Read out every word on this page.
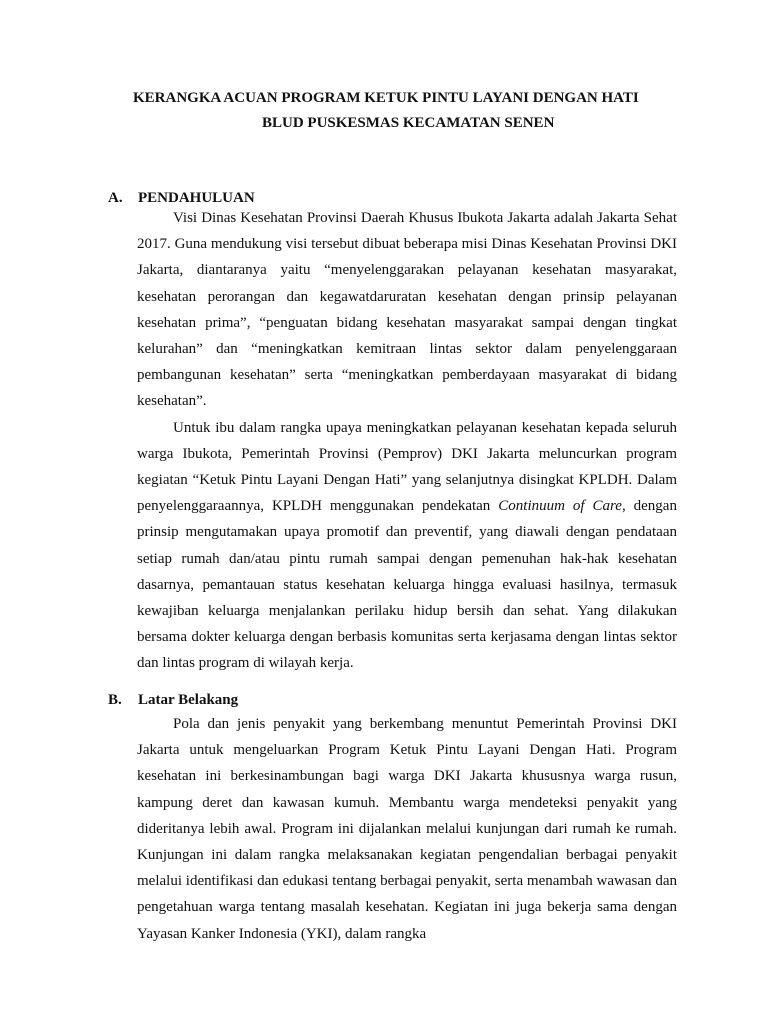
KERANGKA ACUAN PROGRAM KETUK PINTU LAYANI DENGAN HATI
BLUD PUSKESMAS KECAMATAN SENEN
A. PENDAHULUAN

Visi Dinas Kesehatan Provinsi Daerah Khusus Ibukota Jakarta adalah Jakarta Sehat 2017. Guna mendukung visi tersebut dibuat beberapa misi Dinas Kesehatan Provinsi DKI Jakarta, diantaranya yaitu “menyelenggarakan pelayanan kesehatan masyarakat, kesehatan perorangan dan kegawatdaruratan kesehatan dengan prinsip pelayanan kesehatan prima”, “penguatan bidang kesehatan masyarakat sampai dengan tingkat kelurahan” dan “meningkatkan kemitraan lintas sektor dalam penyelenggaraan pembangunan kesehatan” serta “meningkatkan pemberdayaan masyarakat di bidang kesehatan”.

Untuk ibu dalam rangka upaya meningkatkan pelayanan kesehatan kepada seluruh warga Ibukota, Pemerintah Provinsi (Pemprov) DKI Jakarta meluncurkan program kegiatan “Ketuk Pintu Layani Dengan Hati” yang selanjutnya disingkat KPLDH. Dalam penyelenggaraannya, KPLDH menggunakan pendekatan Continuum of Care, dengan prinsip mengutamakan upaya promotif dan preventif, yang diawali dengan pendataan setiap rumah dan/atau pintu rumah sampai dengan pemenuhan hak-hak kesehatan dasarnya, pemantauan status kesehatan keluarga hingga evaluasi hasilnya, termasuk kewajiban keluarga menjalankan perilaku hidup bersih dan sehat. Yang dilakukan bersama dokter keluarga dengan berbasis komunitas serta kerjasama dengan lintas sektor dan lintas program di wilayah kerja.

B. Latar Belakang

Pola dan jenis penyakit yang berkembang menuntut Pemerintah Provinsi DKI Jakarta untuk mengeluarkan Program Ketuk Pintu Layani Dengan Hati. Program kesehatan ini berkesinambungan bagi warga DKI Jakarta khususnya warga rusun, kampung deret dan kawasan kumuh. Membantu warga mendeteksi penyakit yang dideritanya lebih awal. Program ini dijalankan melalui kunjungan dari rumah ke rumah. Kunjungan ini dalam rangka melaksanakan kegiatan pengendalian berbagai penyakit melalui identifikasi dan edukasi tentang berbagai penyakit, serta menambah wawasan dan pengetahuan warga tentang masalah kesehatan. Kegiatan ini juga bekerja sama dengan Yayasan Kanker Indonesia (YKI), dalam rangka
